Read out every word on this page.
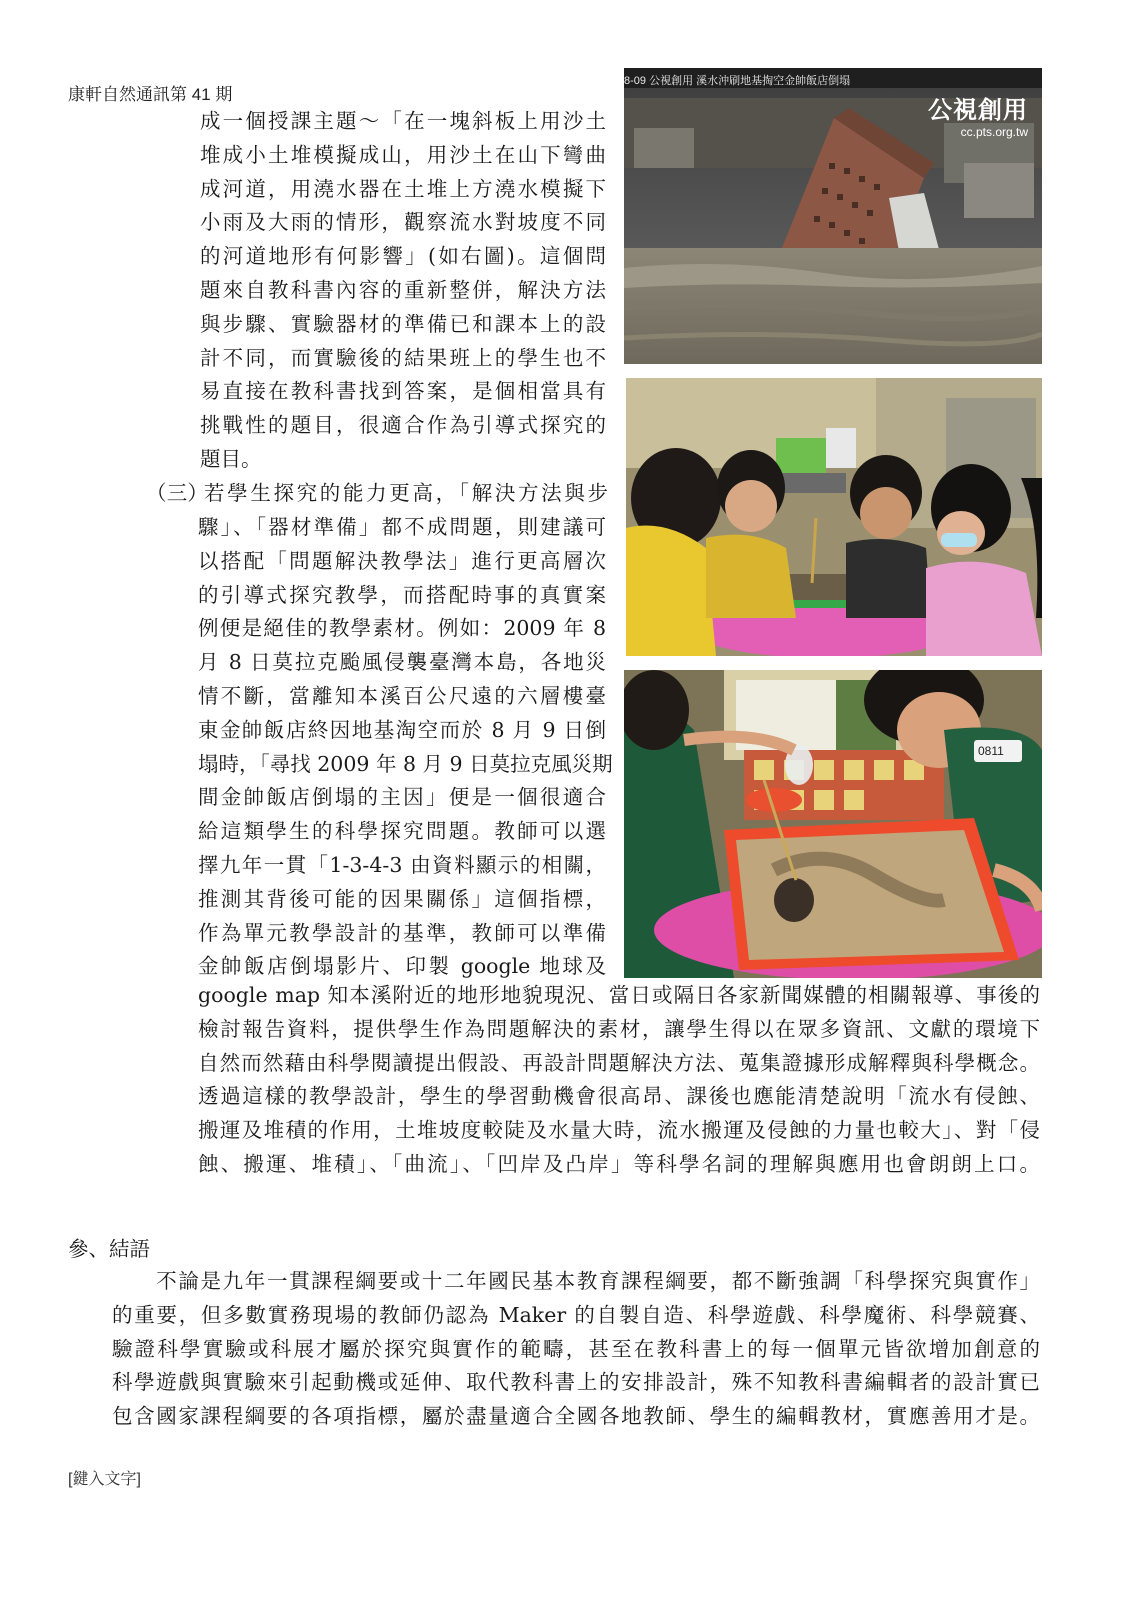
康軒自然通訊第 41 期
成一個授課主題～「在一塊斜板上用沙土
堆成小土堆模擬成山，用沙土在山下彎曲
成河道，用澆水器在土堆上方澆水模擬下
小雨及大雨的情形，觀察流水對坡度不同
的河道地形有何影響」(如右圖)。這個問
題來自教科書內容的重新整併，解決方法
與步驟、實驗器材的準備已和課本上的設
計不同，而實驗後的結果班上的學生也不
易直接在教科書找到答案，是個相當具有
挑戰性的題目，很適合作為引導式探究的
題目。
（三）
若學生探究的能力更高，「解決方法與步
驟」、「器材準備」都不成問題，則建議可
以搭配「問題解決教學法」進行更高層次
的引導式探究教學，而搭配時事的真實案
例便是絕佳的教學素材。例如：2009 年 8
月 8 日莫拉克颱風侵襲臺灣本島，各地災
情不斷，當離知本溪百公尺遠的六層樓臺
東金帥飯店終因地基淘空而於 8 月 9 日倒
塌時，「尋找 2009 年 8 月 9 日莫拉克風災期
間金帥飯店倒塌的主因」便是一個很適合
給這類學生的科學探究問題。教師可以選
擇九年一貫「1-3-4-3 由資料顯示的相關，
推測其背後可能的因果關係」這個指標，
作為單元教學設計的基準，教師可以準備
金帥飯店倒塌影片、印製 google 地球及
google map 知本溪附近的地形地貌現況、當日或隔日各家新聞媒體的相關報導、事後的
檢討報告資料，提供學生作為問題解決的素材，讓學生得以在眾多資訊、文獻的環境下
自然而然藉由科學閱讀提出假設、再設計問題解決方法、蒐集證據形成解釋與科學概念。
透過這樣的教學設計，學生的學習動機會很高昂、課後也應能清楚說明「流水有侵蝕、
搬運及堆積的作用，土堆坡度較陡及水量大時，流水搬運及侵蝕的力量也較大」、對「侵
蝕、搬運、堆積」、「曲流」、「凹岸及凸岸」等科學名詞的理解與應用也會朗朗上口。
參、結語
　　不論是九年一貫課程綱要或十二年國民基本教育課程綱要，都不斷強調「科學探究與實作」
的重要，但多數實務現場的教師仍認為 Maker 的自製自造、科學遊戲、科學魔術、科學競賽、
驗證科學實驗或科展才屬於探究與實作的範疇，甚至在教科書上的每一個單元皆欲增加創意的
科學遊戲與實驗來引起動機或延伸、取代教科書上的安排設計，殊不知教科書編輯者的設計實已
包含國家課程綱要的各項指標，屬於盡量適合全國各地教師、學生的編輯教材，實應善用才是。
[鍵入文字]
8-09 公視創用 溪水沖刷地基掏空金帥飯店倒塌
公視創用
cc.pts.org.tw
0811
